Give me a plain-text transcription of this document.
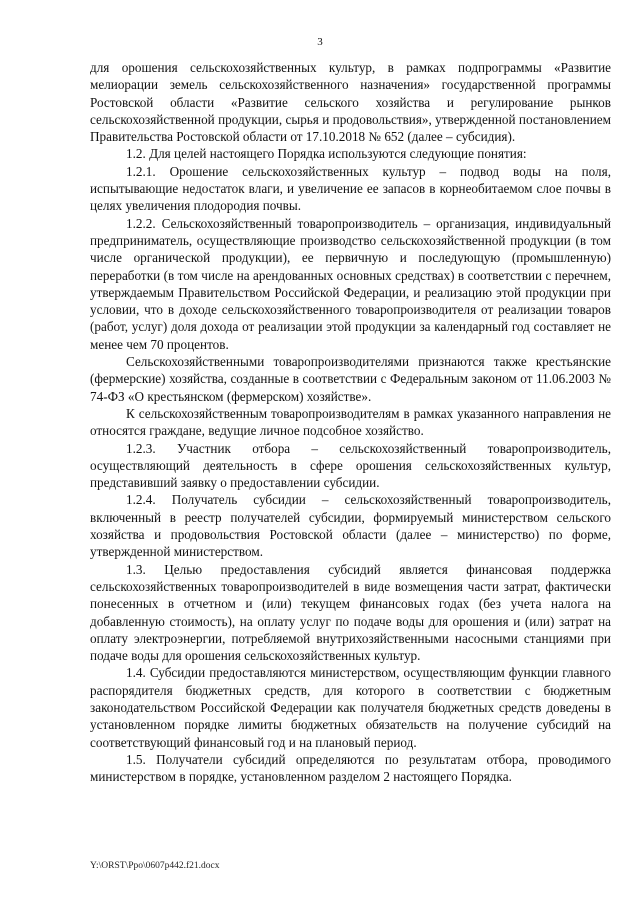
3

для орошения сельскохозяйственных культур, в рамках подпрограммы «Развитие мелиорации земель сельскохозяйственного назначения» государственной программы Ростовской области «Развитие сельского хозяйства и регулирование рынков сельскохозяйственной продукции, сырья и продовольствия», утвержденной постановлением Правительства Ростовской области от 17.10.2018 № 652 (далее – субсидия).

1.2. Для целей настоящего Порядка используются следующие понятия:

1.2.1. Орошение сельскохозяйственных культур – подвод воды на поля, испытывающие недостаток влаги, и увеличение ее запасов в корнеобитаемом слое почвы в целях увеличения плодородия почвы.

1.2.2. Сельскохозяйственный товаропроизводитель – организация, индивидуальный предприниматель, осуществляющие производство сельскохозяйственной продукции (в том числе органической продукции), ее первичную и последующую (промышленную) переработки (в том числе на арендованных основных средствах) в соответствии с перечнем, утверждаемым Правительством Российской Федерации, и реализацию этой продукции при условии, что в доходе сельскохозяйственного товаропроизводителя от реализации товаров (работ, услуг) доля дохода от реализации этой продукции за календарный год составляет не менее чем 70 процентов.

Сельскохозяйственными товаропроизводителями признаются также крестьянские (фермерские) хозяйства, созданные в соответствии с Федеральным законом от 11.06.2003 № 74-ФЗ «О крестьянском (фермерском) хозяйстве».

К сельскохозяйственным товаропроизводителям в рамках указанного направления не относятся граждане, ведущие личное подсобное хозяйство.

1.2.3. Участник отбора – сельскохозяйственный товаропроизводитель, осуществляющий деятельность в сфере орошения сельскохозяйственных культур, представивший заявку о предоставлении субсидии.

1.2.4. Получатель субсидии – сельскохозяйственный товаропроизводитель, включенный в реестр получателей субсидии, формируемый министерством сельского хозяйства и продовольствия Ростовской области (далее – министерство) по форме, утвержденной министерством.

1.3. Целью предоставления субсидий является финансовая поддержка сельскохозяйственных товаропроизводителей в виде возмещения части затрат, фактически понесенных в отчетном и (или) текущем финансовых годах (без учета налога на добавленную стоимость), на оплату услуг по подаче воды для орошения и (или) затрат на оплату электроэнергии, потребляемой внутрихозяйственными насосными станциями при подаче воды для орошения сельскохозяйственных культур.

1.4. Субсидии предоставляются министерством, осуществляющим функции главного распорядителя бюджетных средств, для которого в соответствии с бюджетным законодательством Российской Федерации как получателя бюджетных средств доведены в установленном порядке лимиты бюджетных обязательств на получение субсидий на соответствующий финансовый год и на плановый период.

1.5. Получатели субсидий определяются по результатам отбора, проводимого министерством в порядке, установленном разделом 2 настоящего Порядка.

Y:\ORST\Ppo\0607p442.f21.docx
